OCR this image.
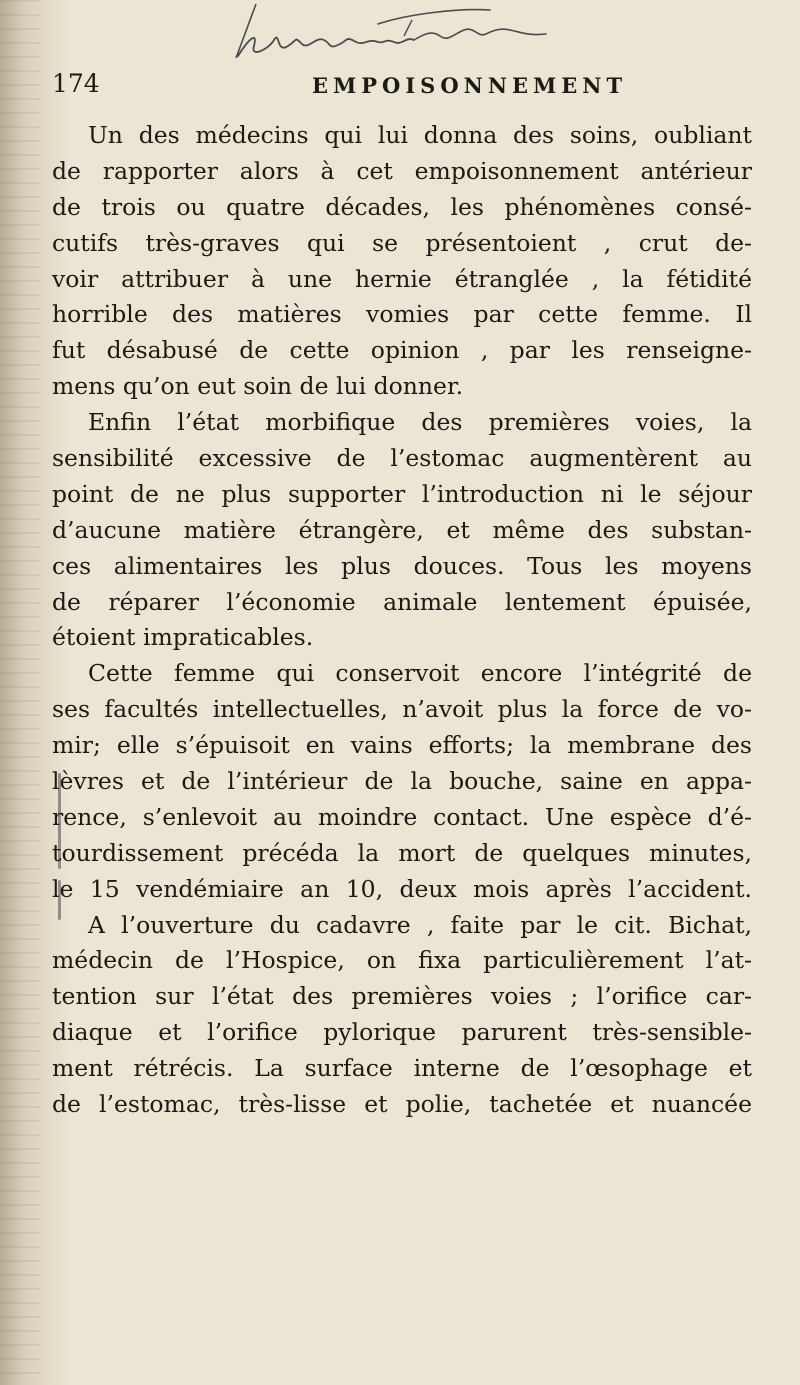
174	EMPOISONNEMENT
Un des médecins qui lui donna des soins, oubliant
de rapporter alors à cet empoisonnement antérieur
de trois ou quatre décades, les phénomènes consé-
cutifs très-graves qui se présentoient , crut de-
voir attribuer à une hernie étranglée , la fétidité
horrible des matières vomies par cette femme. Il
fut désabusé de cette opinion , par les renseigne-
mens qu’on eut soin de lui donner.
Enfin l’état morbifique des premières voies, la
sensibilité excessive de l’estomac augmentèrent au
point de ne plus supporter l’introduction ni le séjour
d’aucune matière étrangère, et même des substan-
ces alimentaires les plus douces. Tous les moyens
de réparer l’économie animale lentement épuisée,
étoient impraticables.
Cette femme qui conservoit encore l’intégrité de
ses facultés intellectuelles, n’avoit plus la force de vo-
mir; elle s’épuisoit en vains efforts; la membrane des
lèvres et de l’intérieur de la bouche, saine en appa-
rence, s’enlevoit au moindre contact. Une espèce d’é-
tourdissement précéda la mort de quelques minutes,
le 15 vendémiaire an 10, deux mois après l’accident.
A l’ouverture du cadavre , faite par le cit. Bichat,
médecin de l’Hospice, on fixa particulièrement l’at-
tention sur l’état des premières voies ; l’orifice car-
diaque et l’orifice pylorique parurent très-sensible-
ment rétrécis. La surface interne de l’œsophage et
de l’estomac, très-lisse et polie, tachetée et nuancée
